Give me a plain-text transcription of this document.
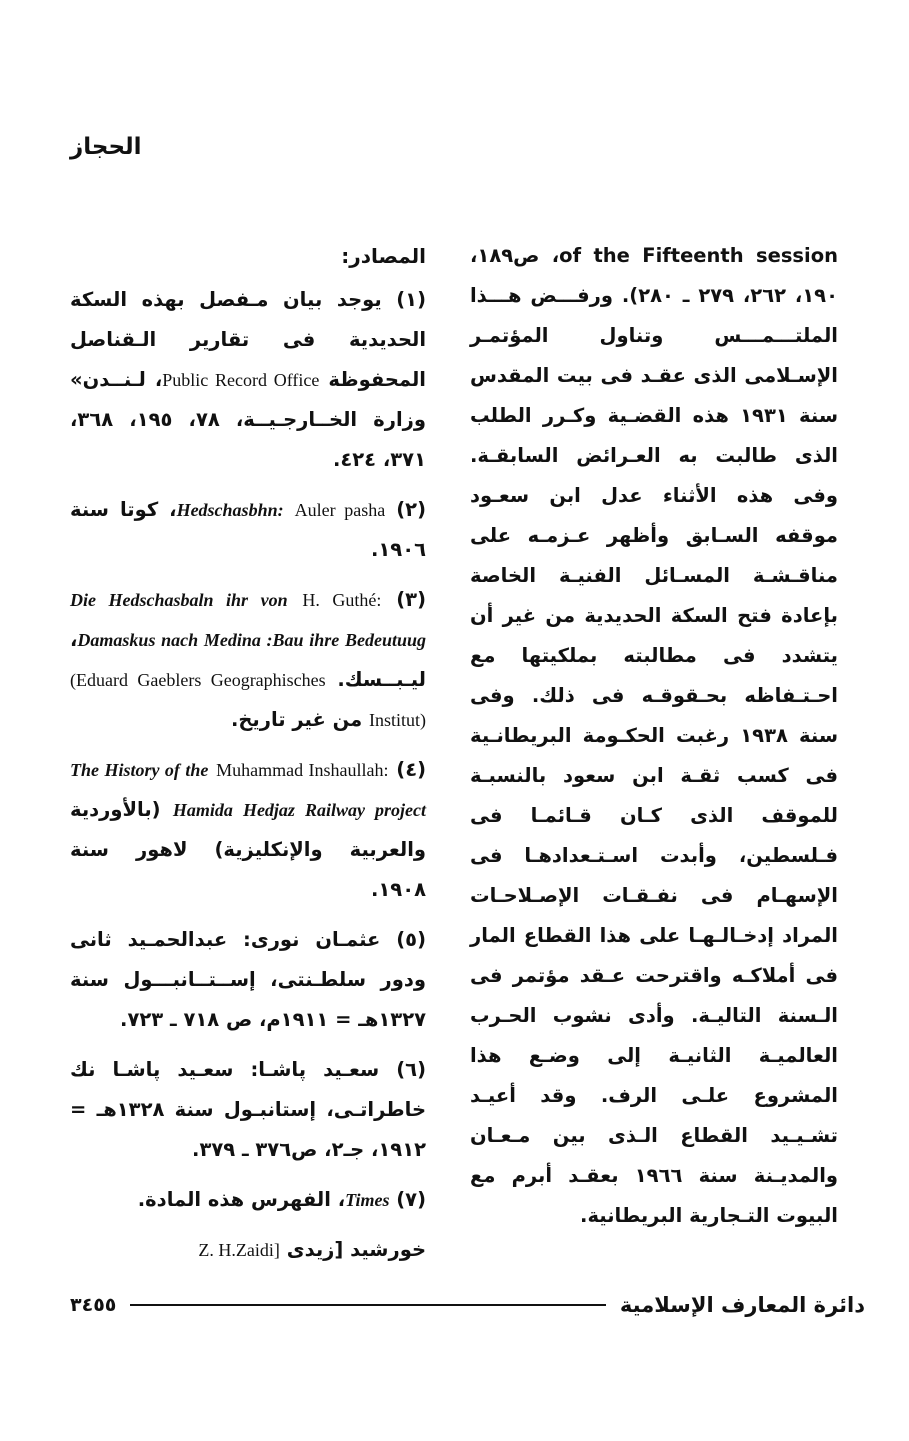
الحجاز

of the Fifteenth session، ص١٨٩، ١٩٠، ٢٦٢، ٢٧٩ ـ ٢٨٠). ورفـــض هـــذا الملتـــمـــس وتناول المؤتمـر الإسـلامى الذى عقـد فى بيت المقدس سنة ١٩٣١ هذه القضـية وكـرر الطلب الذى طالبت به العـرائض السابقـة. وفى هذه الأثناء عدل ابن سعـود موقفه السـابق وأظهر عـزمـه على مناقـشـة المسـائل الفنيـة الخاصة بإعادة فتح السكة الحديدية من غير أن يتشدد فى مطالبته بملكيتها مع احـتـفاظه بحـقوقـه فى ذلك. وفى سنة ١٩٣٨ رغبت الحكـومة البريطانـية فى كسب ثقـة ابن سعود بالنسبـة للموقف الذى كـان قـائمـا فى فـلسطين، وأبدت اسـتـعدادهـا فى الإسهـام فى نفـقـات الإصـلاحـات المراد إدخـالـهـا على هذا القطاع المار فى أملاكـه واقترحت عـقد مؤتمر فى الـسنة التاليـة. وأدى نشوب الحـرب العالميـة الثانيـة إلى وضـع هذا المشروع علـى الرف. وقد أعيـد تشـيـيد القطاع الـذى بين مـعـان والمديـنة سنة ١٩٦٦ بعقـد أبرم مع البيوت التـجارية البريطانية.

المصادر:

(١) يوجد بيان مـفصل بهذه السكة الحديدية فى تقارير الـقناصل المحفوظة Public Record Office، لـنــدن» وزارة الخــارجـيــة، ٧٨، ١٩٥، ٣٦٨، ٣٧١، ٤٢٤.

(٢) Auler pasha Hedschasbhn:، كوتا سنة ١٩٠٦.

(٣) H. Guthé: Die Hedschasbaln ihr von Damaskus nach Medina :Bau ihre Bedeutuug، ليـبــسك. (Eduard Gaeblers Geographisches Institut) من غير تاريخ.

(٤) Muhammad Inshaullah: The History of the Hamida Hedjaz Railway project (بالأوردية والعربية والإنكليزية) لاهور سنة ١٩٠٨.

(٥) عثمـان نورى: عبدالحمـيد ثانى ودور سلطـنتى، إســتــانبـــول سنة ١٣٢٧هـ = ١٩١١م، ص ٧١٨ ـ ٧٢٣.

(٦) سعـيد پاشـا: سعـيد پاشـا نك خاطراتـى، إستانبـول سنة ١٣٢٨هـ = ١٩١٢، جـ٢، ص٣٧٦ ـ ٣٧٩.

(٧) Times، الفهرس هذه المادة.

خورشيد [زيدى Z. H.Zaidi]
دائرة المعارف الإسلامية
٣٤٥٥
